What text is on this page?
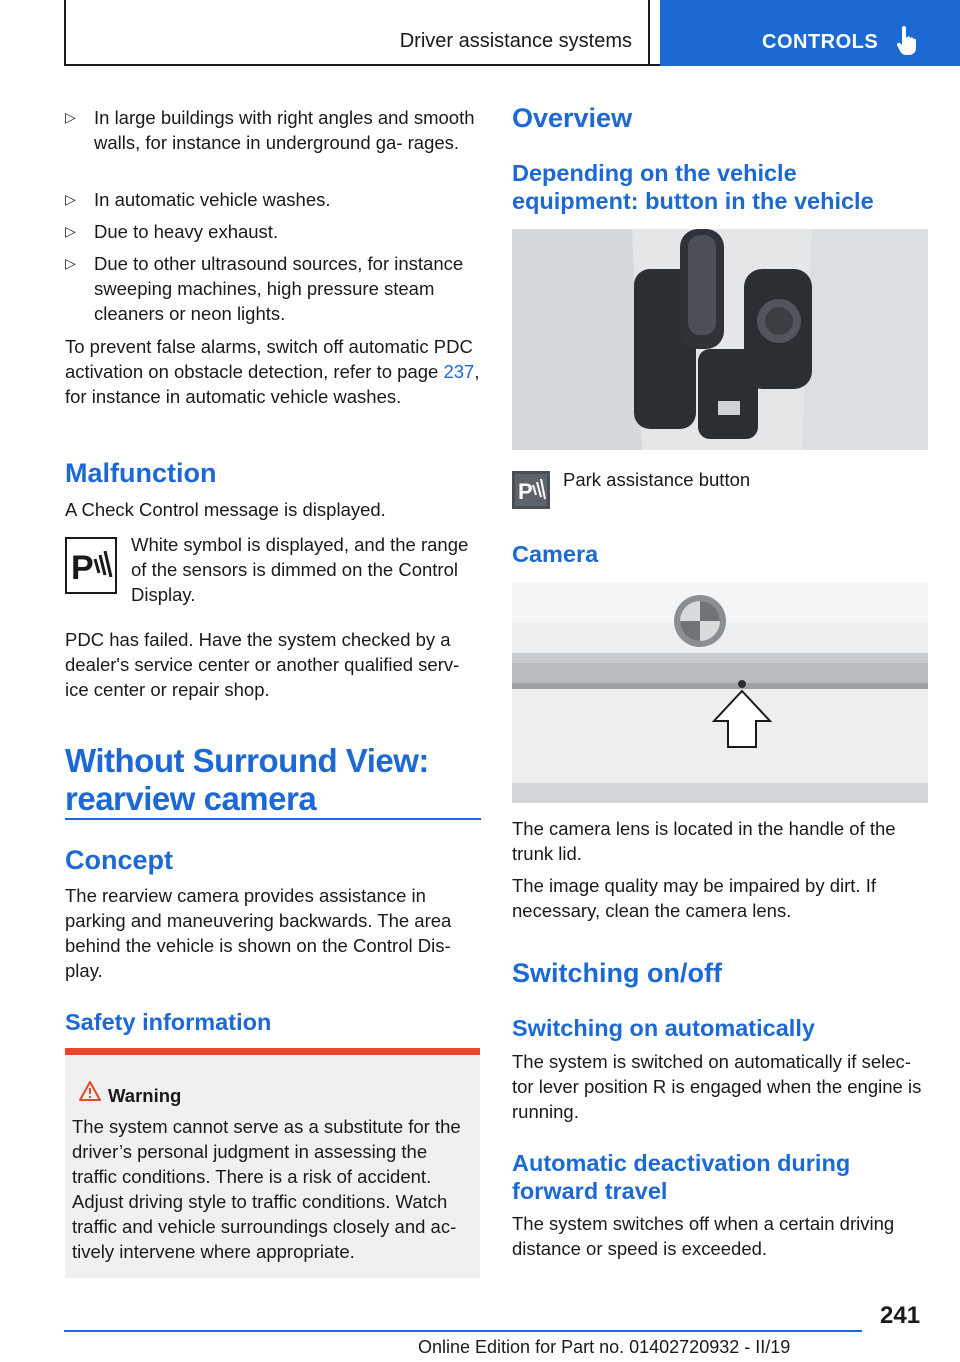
Driver assistance systems	CONTROLS
▷ In large buildings with right angles and smooth walls, for instance in underground ga‐ rages.

▷ In automatic vehicle washes.

▷ Due to heavy exhaust.

▷ Due to other ultrasound sources, for instance sweeping machines, high pressure steam cleaners or neon lights.

To prevent false alarms, switch off automatic PDC activation on obstacle detection, refer to page 237, for instance in automatic vehicle washes.

Malfunction

A Check Control message is displayed.

P

White symbol is displayed, and the range of the sensors is dimmed on the Control Display.

PDC has failed. Have the system checked by a dealer's service center or another qualified serv‐ ice center or repair shop.

Without Surround View:
rearview camera
Concept

The rearview camera provides assistance in parking and maneuvering backwards. The area behind the vehicle is shown on the Control Dis‐ play.

Safety information
Warning

The system cannot serve as a substitute for the driver’s personal judgment in assessing the traffic conditions. There is a risk of accident. Adjust driving style to traffic conditions. Watch traffic and vehicle surroundings closely and ac‐ tively intervene where appropriate.

Overview
Depending on the vehicle equipment: button in the vehicle
P Park assistance button

Camera

The camera lens is located in the handle of the trunk lid.

The image quality may be impaired by dirt. If necessary, clean the camera lens.

Switching on/off
Switching on automatically

The system is switched on automatically if selec‐ tor lever position R is engaged when the engine is running.

Automatic deactivation during forward travel

The system switches off when a certain driving distance or speed is exceeded.

241
Online Edition for Part no. 01402720932 - II/19
